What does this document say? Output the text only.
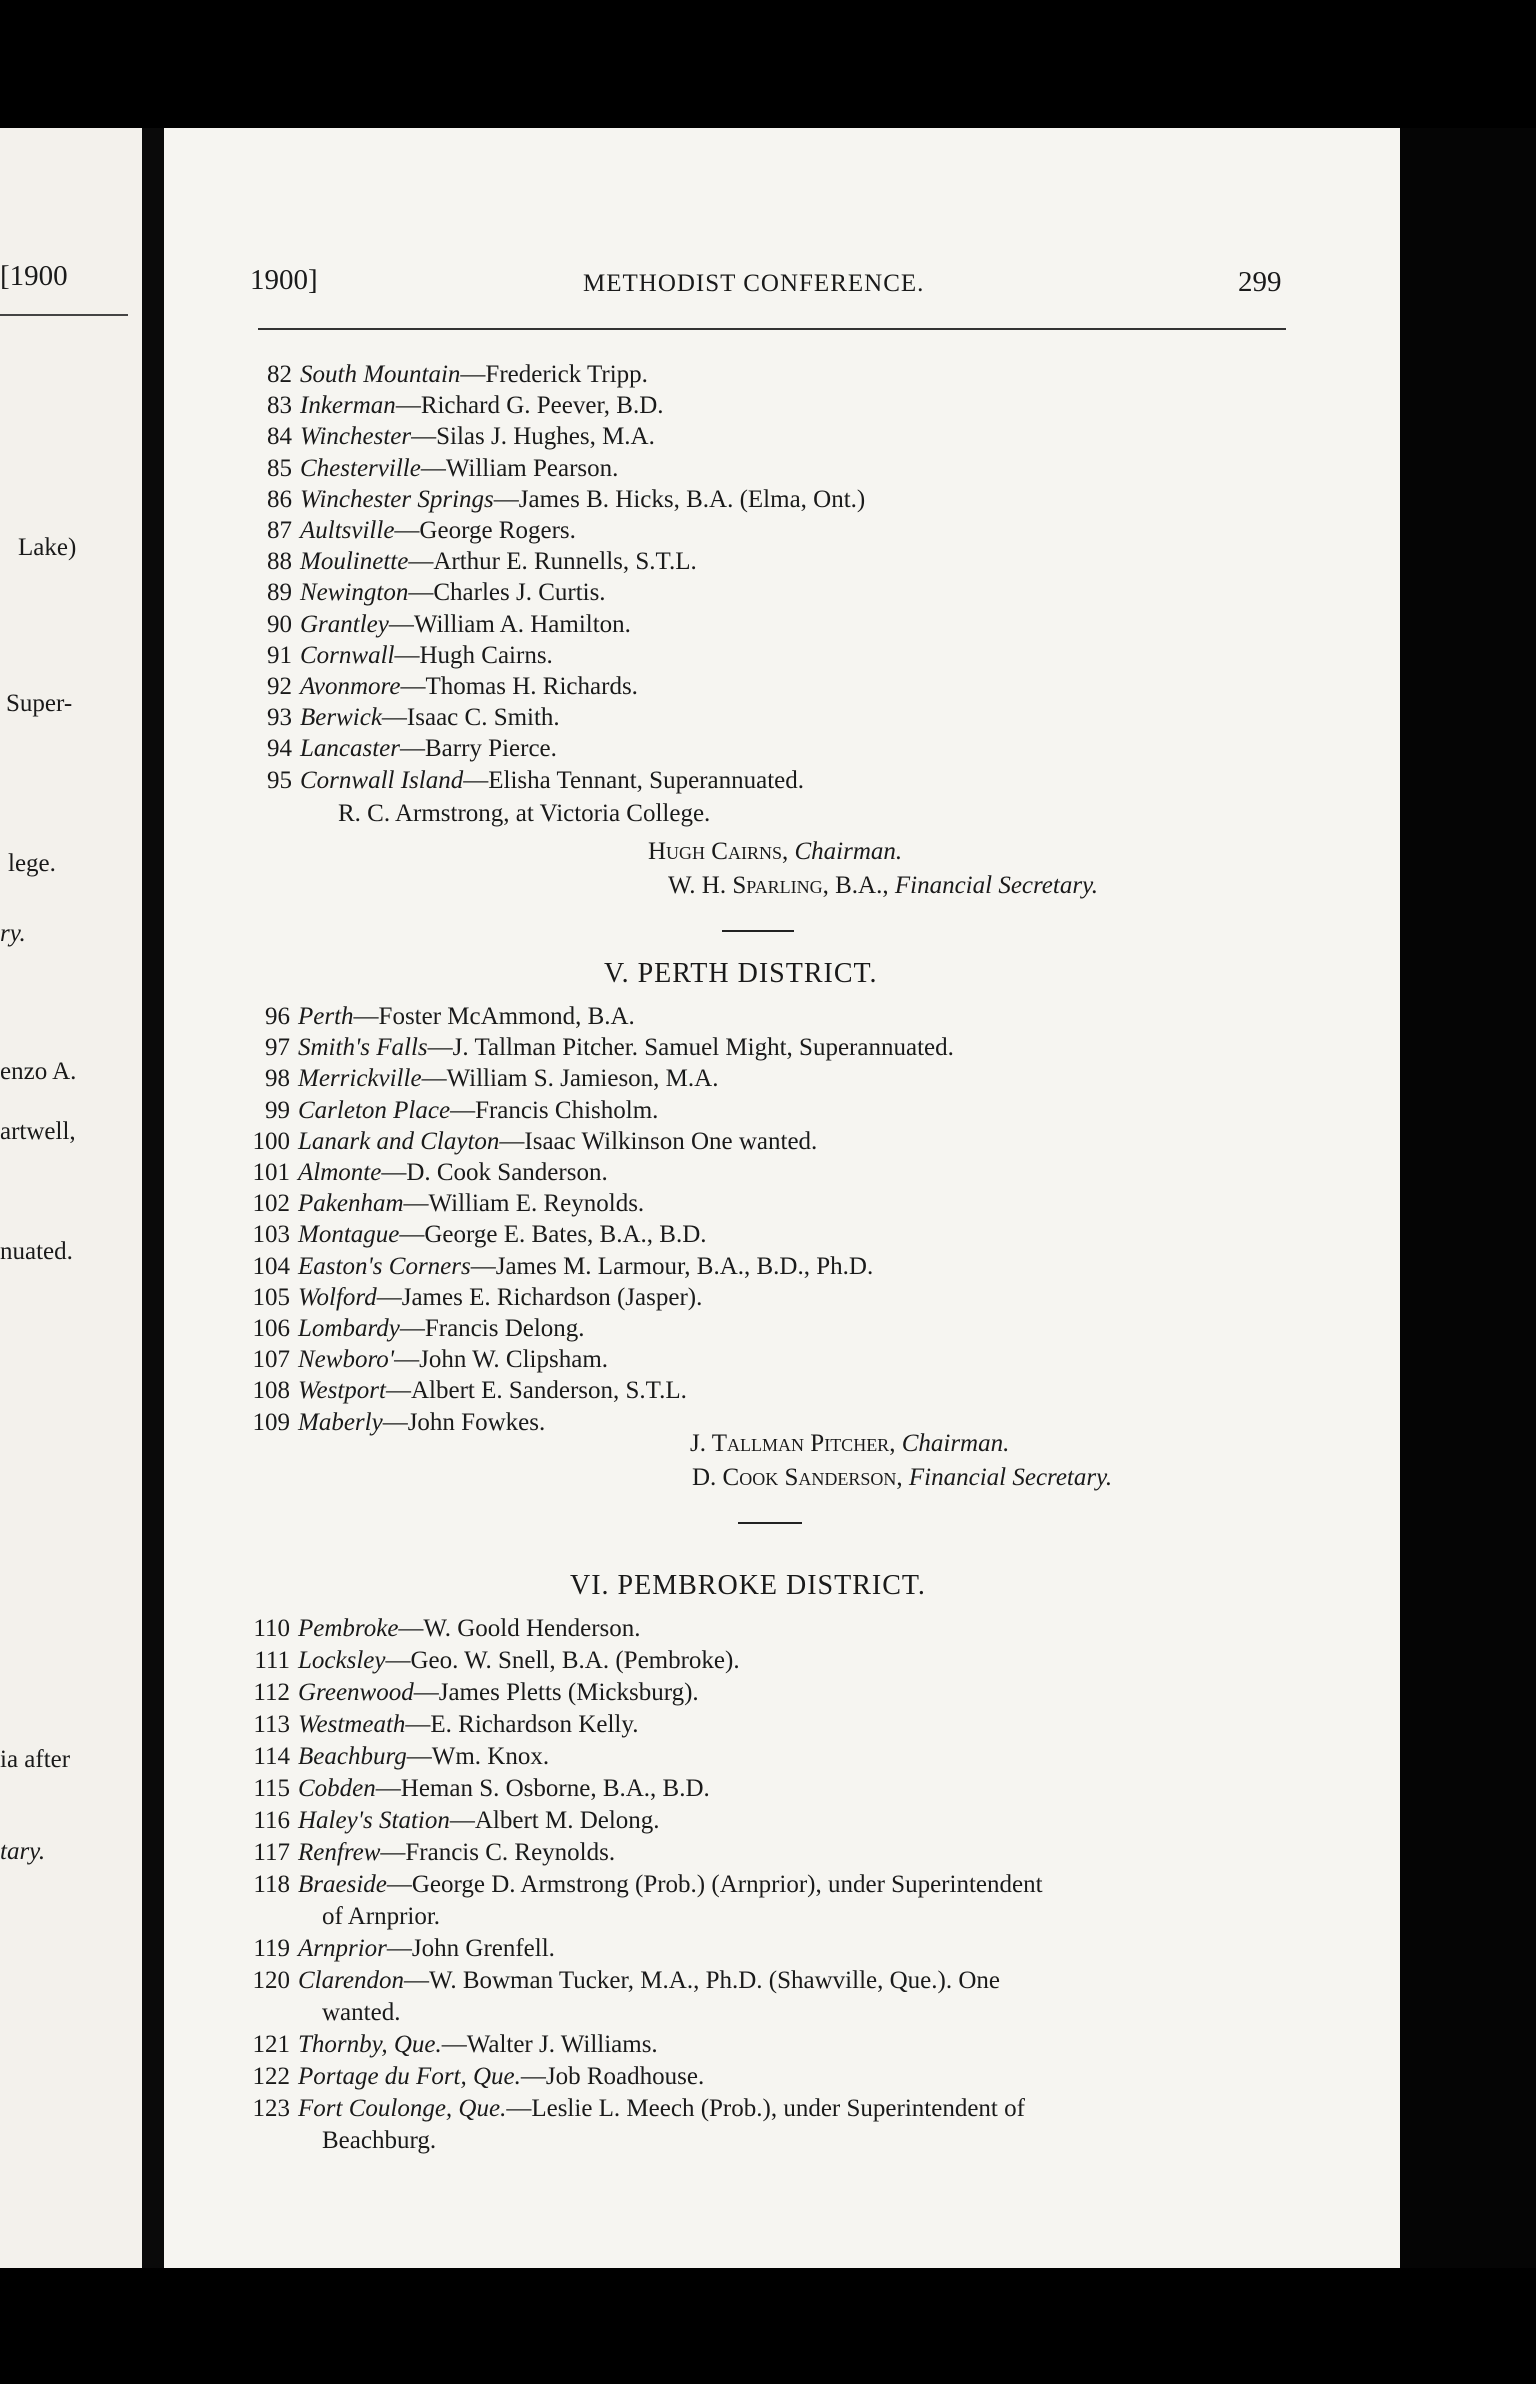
[1900
Lake)
Super-
lege.
ry.
enzo A.
artwell,
nuated.
ia after
tary.
1900]	METHODIST CONFERENCE.	299
82 South Mountain—Frederick Tripp.
83 Inkerman—Richard G. Peever, B.D.
84 Winchester—Silas J. Hughes, M.A.
85 Chesterville—William Pearson.
86 Winchester Springs—James B. Hicks, B.A. (Elma, Ont.)
87 Aultsville—George Rogers.
88 Moulinette—Arthur E. Runnells, S.T.L.
89 Newington—Charles J. Curtis.
90 Grantley—William A. Hamilton.
91 Cornwall—Hugh Cairns.
92 Avonmore—Thomas H. Richards.
93 Berwick—Isaac C. Smith.
94 Lancaster—Barry Pierce.
95 Cornwall Island—Elisha Tennant, Superannuated.
R. C. Armstrong, at Victoria College.
Hugh Cairns, Chairman.
W. H. Sparling, B.A., Financial Secretary.
V. PERTH DISTRICT.
96 Perth—Foster McAmmond, B.A.
97 Smith's Falls—J. Tallman Pitcher. Samuel Might, Superannuated.
98 Merrickville—William S. Jamieson, M.A.
99 Carleton Place—Francis Chisholm.
100 Lanark and Clayton—Isaac Wilkinson One wanted.
101 Almonte—D. Cook Sanderson.
102 Pakenham—William E. Reynolds.
103 Montague—George E. Bates, B.A., B.D.
104 Easton's Corners—James M. Larmour, B.A., B.D., Ph.D.
105 Wolford—James E. Richardson (Jasper).
106 Lombardy—Francis Delong.
107 Newboro'—John W. Clipsham.
108 Westport—Albert E. Sanderson, S.T.L.
109 Maberly—John Fowkes.
J. Tallman Pitcher, Chairman.
D. Cook Sanderson, Financial Secretary.
VI. PEMBROKE DISTRICT.
110 Pembroke—W. Goold Henderson.
111 Locksley—Geo. W. Snell, B.A. (Pembroke).
112 Greenwood—James Pletts (Micksburg).
113 Westmeath—E. Richardson Kelly.
114 Beachburg—Wm. Knox.
115 Cobden—Heman S. Osborne, B.A., B.D.
116 Haley's Station—Albert M. Delong.
117 Renfrew—Francis C. Reynolds.
118 Braeside—George D. Armstrong (Prob.) (Arnprior), under Superintendent
of Arnprior.
119 Arnprior—John Grenfell.
120 Clarendon—W. Bowman Tucker, M.A., Ph.D. (Shawville, Que.). One
wanted.
121 Thornby, Que.—Walter J. Williams.
122 Portage du Fort, Que.—Job Roadhouse.
123 Fort Coulonge, Que.—Leslie L. Meech (Prob.), under Superintendent of
Beachburg.
